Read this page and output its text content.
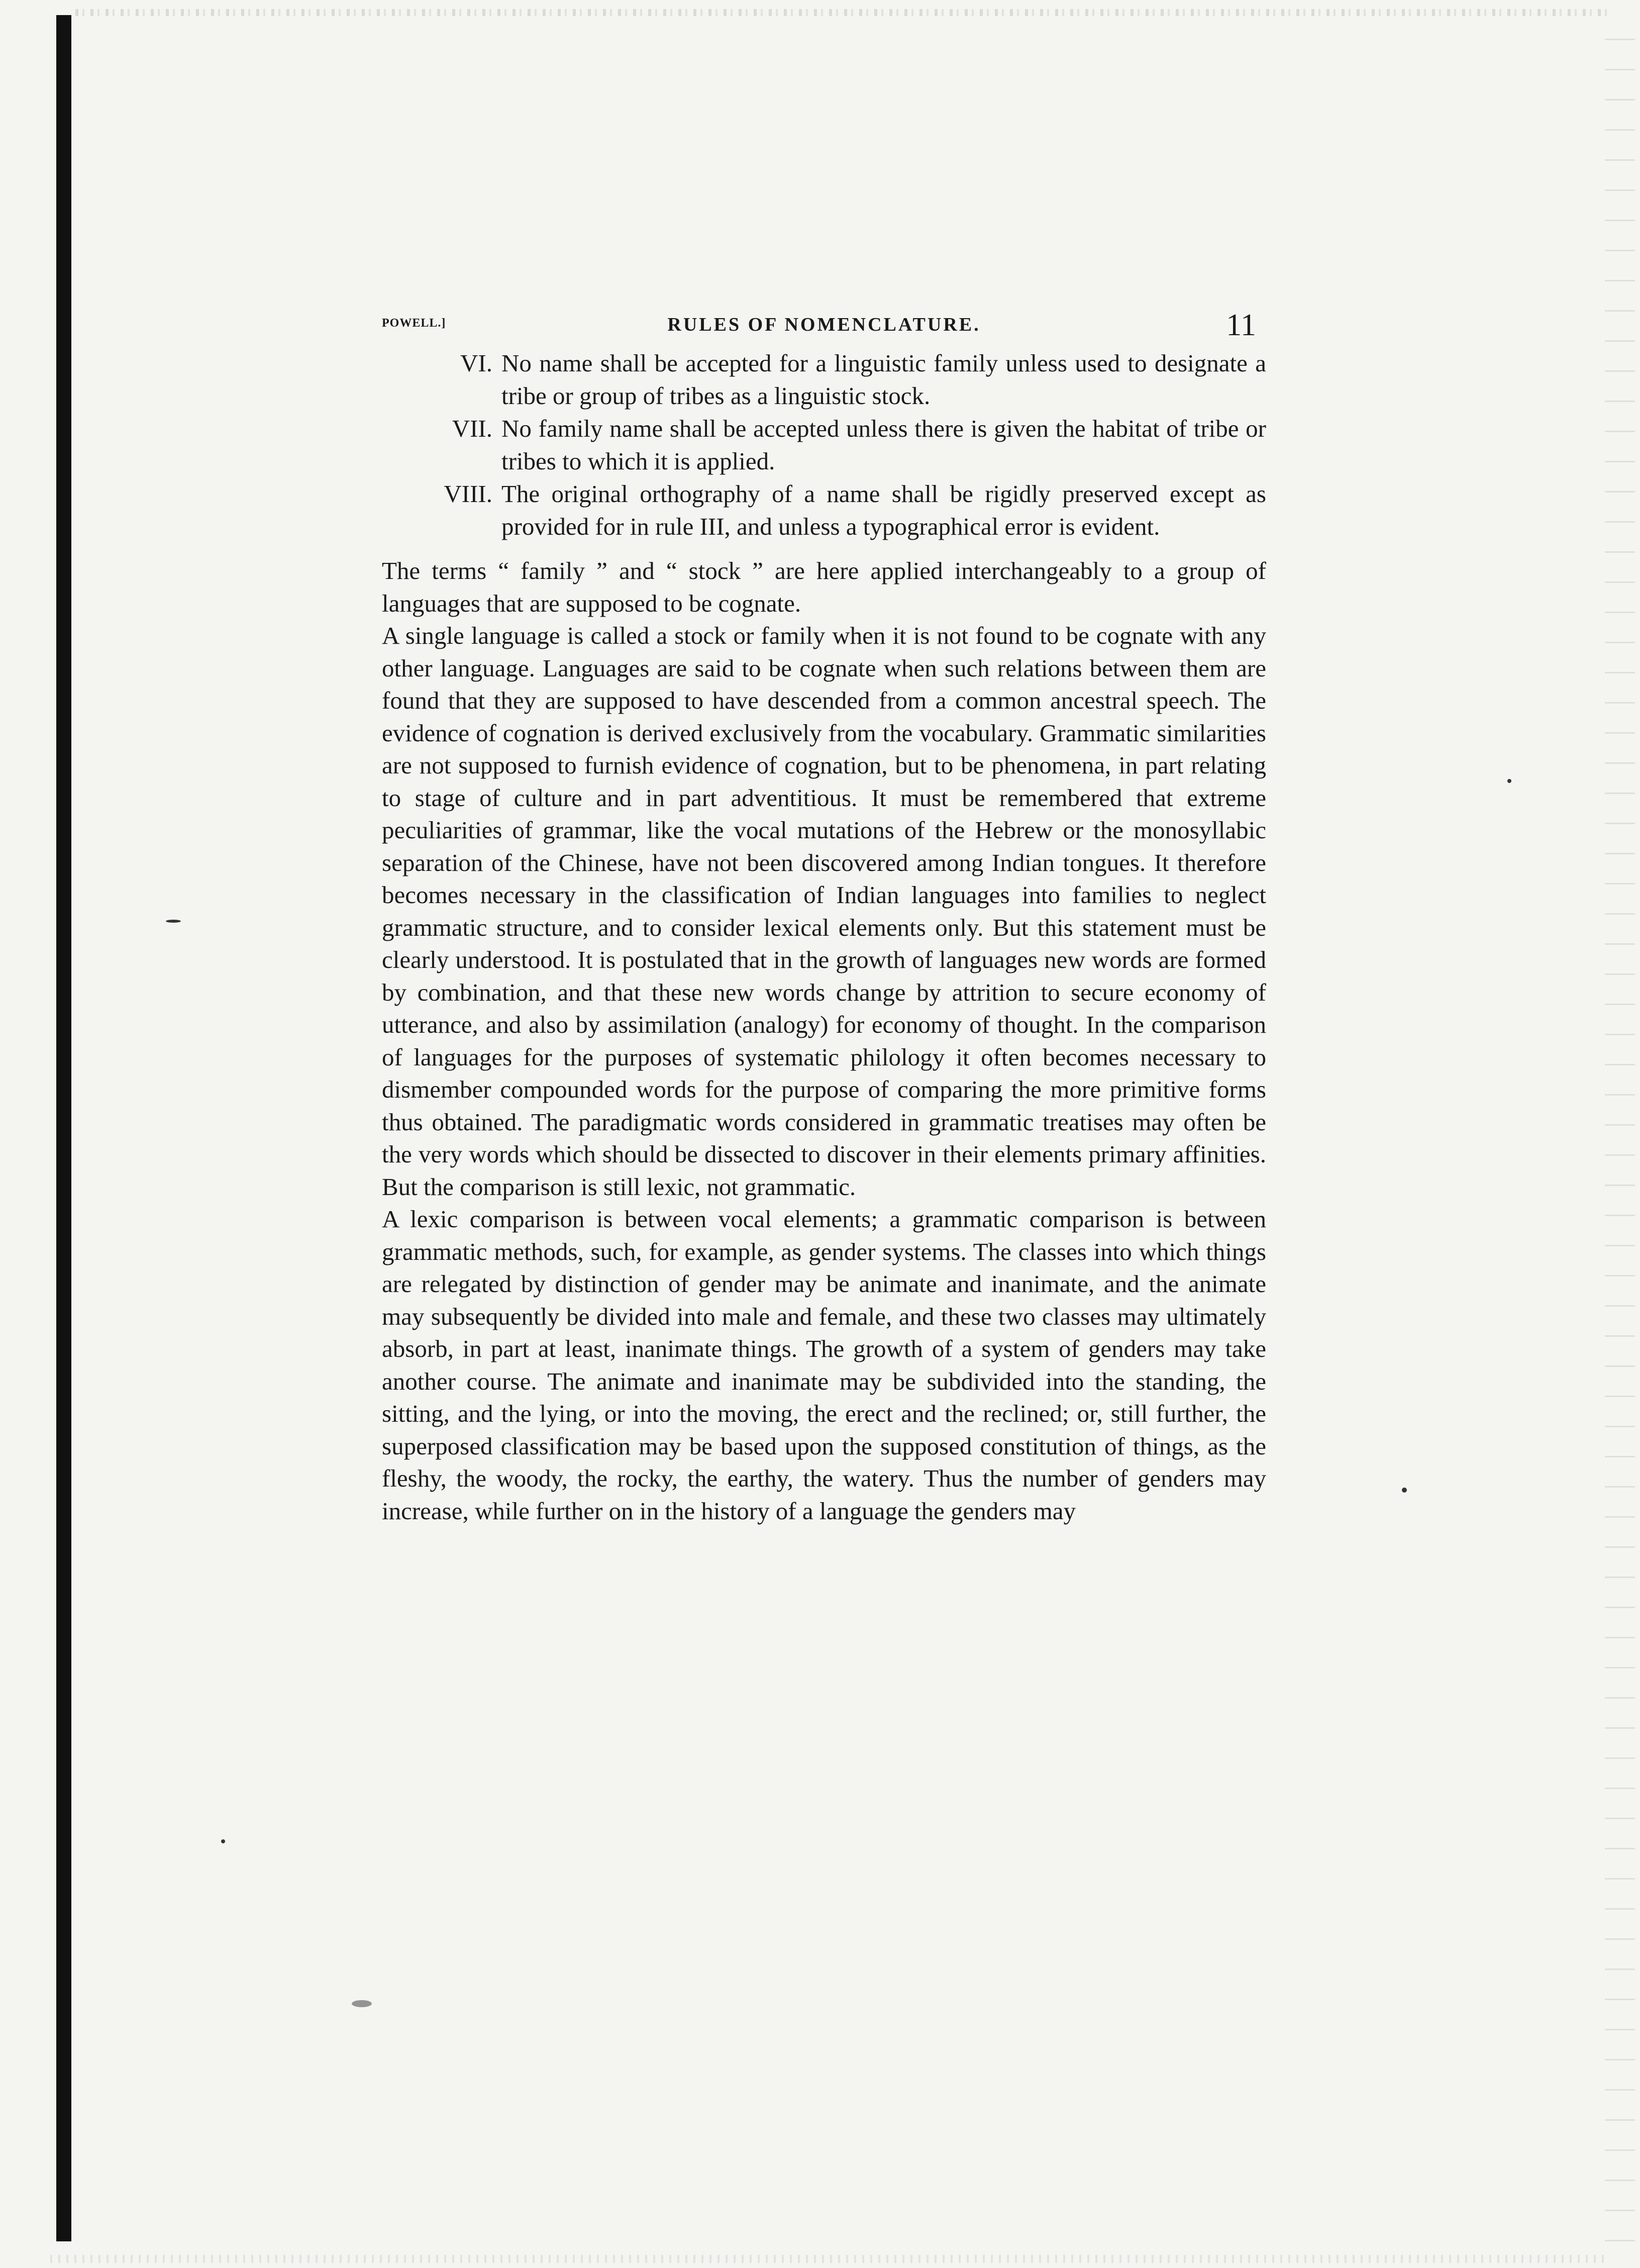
POWELL.]	RULES OF NOMENCLATURE.	11
VI. No name shall be accepted for a linguistic family unless used to designate a tribe or group of tribes as a linguistic stock.
VII. No family name shall be accepted unless there is given the habitat of tribe or tribes to which it is applied.
VIII. The original orthography of a name shall be rigidly preserved except as provided for in rule III, and unless a typographical error is evident.

The terms “ family ” and “ stock ” are here applied interchangeably to a group of languages that are supposed to be cognate.

A single language is called a stock or family when it is not found to be cognate with any other language. Languages are said to be cognate when such relations between them are found that they are supposed to have descended from a common ancestral speech. The evidence of cognation is derived exclusively from the vocabulary. Grammatic similarities are not supposed to furnish evidence of cognation, but to be phenomena, in part relating to stage of culture and in part adventitious. It must be remembered that extreme peculiarities of grammar, like the vocal mutations of the Hebrew or the monosyllabic separation of the Chinese, have not been discovered among Indian tongues. It therefore becomes necessary in the classification of Indian languages into families to neglect grammatic structure, and to consider lexical elements only. But this statement must be clearly understood. It is postulated that in the growth of languages new words are formed by combination, and that these new words change by attrition to secure economy of utterance, and also by assimilation (analogy) for economy of thought. In the comparison of languages for the purposes of systematic philology it often becomes necessary to dismember compounded words for the purpose of comparing the more primitive forms thus obtained. The paradigmatic words considered in grammatic treatises may often be the very words which should be dissected to discover in their elements primary affinities. But the comparison is still lexic, not grammatic.

A lexic comparison is between vocal elements; a grammatic comparison is between grammatic methods, such, for example, as gender systems. The classes into which things are relegated by distinction of gender may be animate and inanimate, and the animate may subsequently be divided into male and female, and these two classes may ultimately absorb, in part at least, inanimate things. The growth of a system of genders may take another course. The animate and inanimate may be subdivided into the standing, the sitting, and the lying, or into the moving, the erect and the reclined; or, still further, the superposed classification may be based upon the supposed constitution of things, as the fleshy, the woody, the rocky, the earthy, the watery. Thus the number of genders may increase, while further on in the history of a language the genders may
